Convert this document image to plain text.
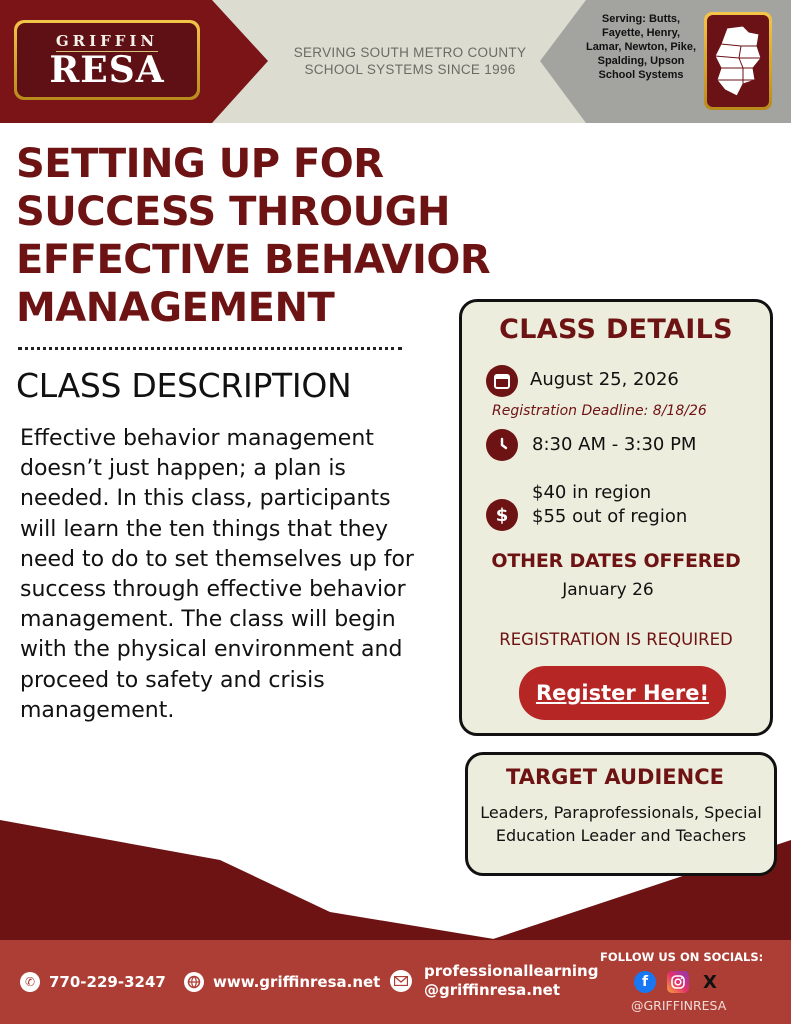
GRIFFIN
RESA	SERVING SOUTH METRO COUNTY SCHOOL SYSTEMS SINCE 1996
Serving: Butts, Fayette, Henry, Lamar, Newton, Pike, Spalding, Upson School Systems
SETTING UP FOR SUCCESS THROUGH EFFECTIVE BEHAVIOR MANAGEMENT
CLASS DESCRIPTION
Effective behavior management doesn’t just happen; a plan is needed. In this class, participants will learn the ten things that they need to do to set themselves up for success through effective behavior management. The class will begin with the physical environment and proceed to safety and crisis management.
CLASS DETAILS
August 25, 2026
Registration Deadline: 8/18/26
8:30 AM - 3:30 PM
$
$40 in region
$55 out of region
OTHER DATES OFFERED
January 26
REGISTRATION IS REQUIRED
Register Here!
TARGET AUDIENCE
Leaders, Paraprofessionals, Special Education Leader and Teachers
✆ 770-229-3247	www.griffinresa.net
professionallearning @griffinresa.net
FOLLOW US ON SOCIALS:
f	X
@GRIFFINRESA
